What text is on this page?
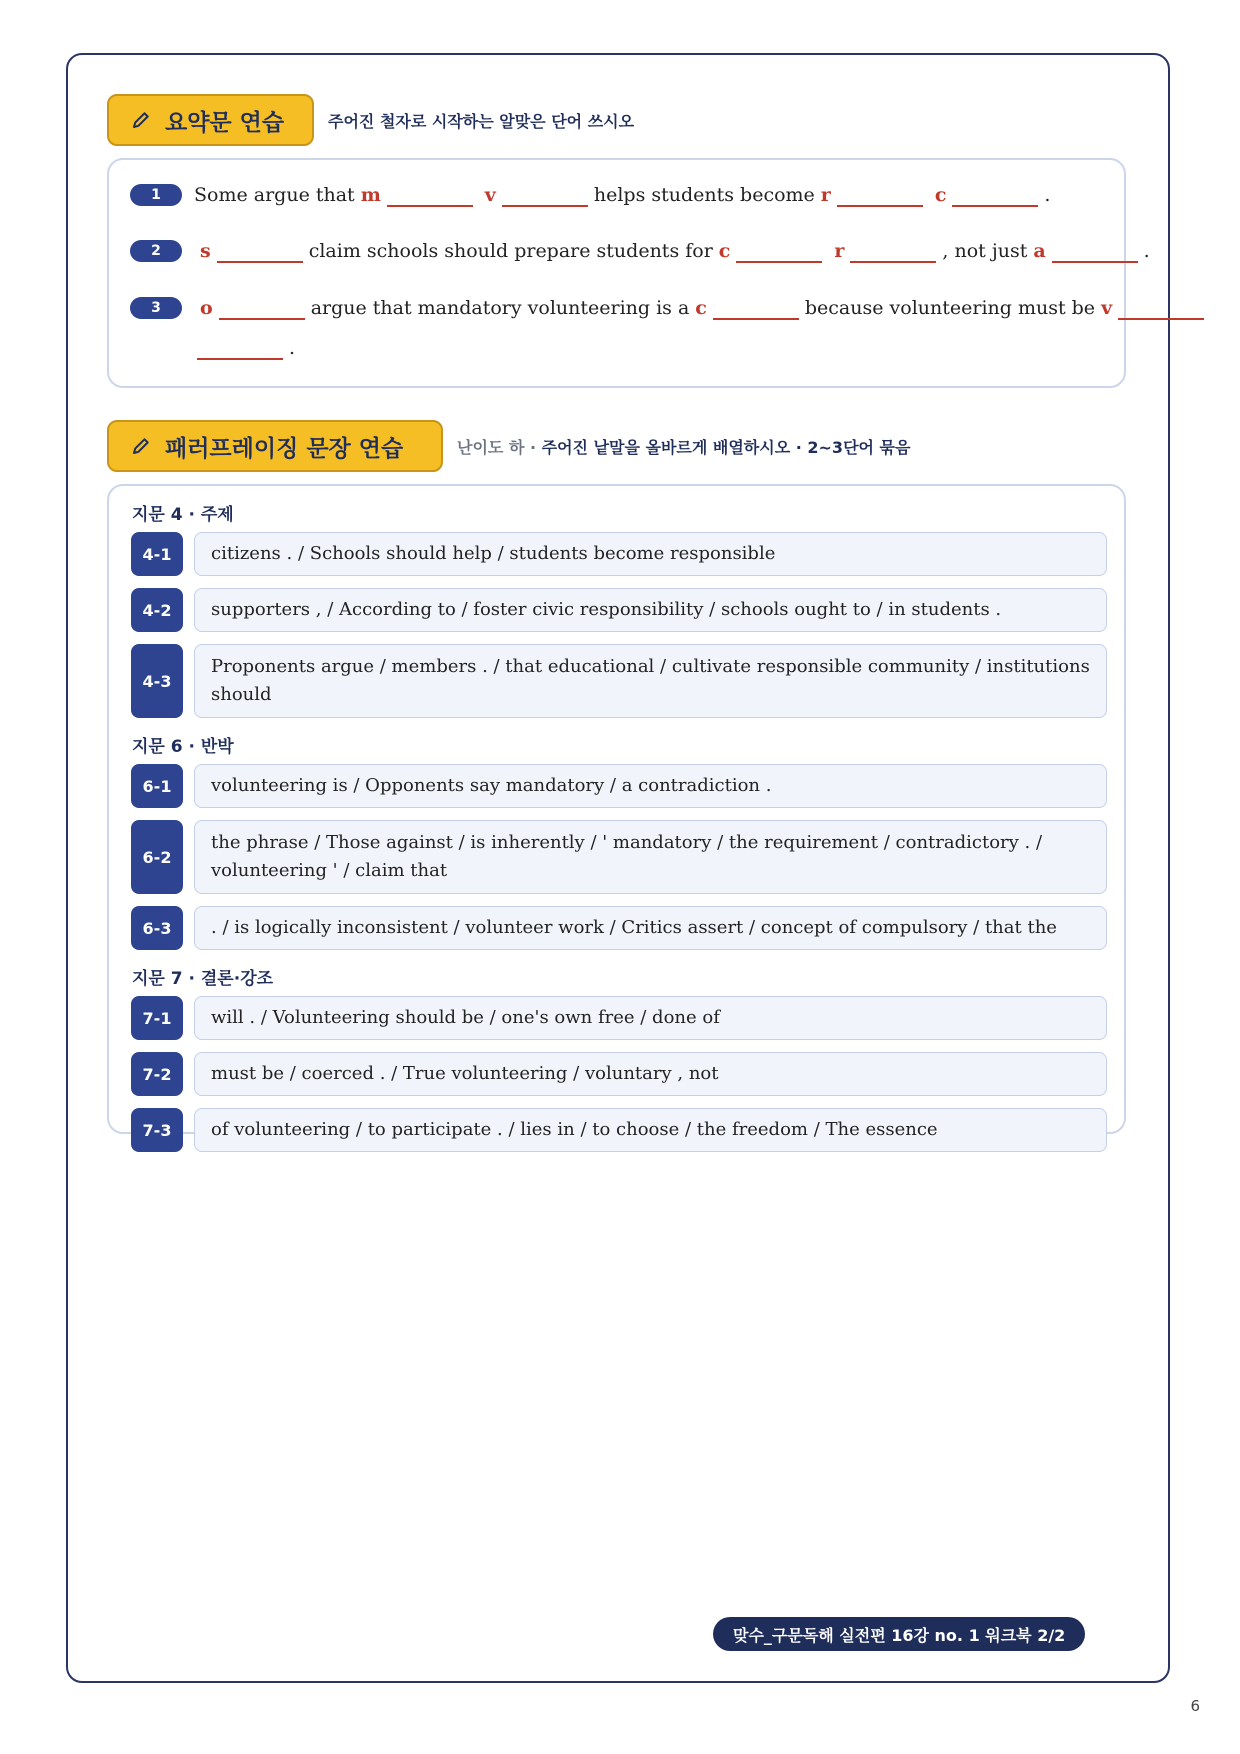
요약문 연습	주어진 철자로 시작하는 알맞은 단어 쓰시오
1	Some argue that m	v	helps students become r	c	.
2	s	claim schools should prepare students for c	r	, not just a	.
3	o	argue that mandatory volunteering is a c	because volunteering must be v
.
패러프레이징 문장 연습	난이도 하 · 주어진 낱말을 올바르게 배열하시오 · 2~3단어 묶음
지문 4 · 주제
4-1	citizens . / Schools should help / students become responsible
4-2	supporters , / According to / foster civic responsibility / schools ought to / in students .
4-3
Proponents argue / members . / that educational / cultivate responsible community / institutions should
지문 6 · 반박
6-1	volunteering is / Opponents say mandatory / a contradiction .
6-2
the phrase / Those against / is inherently / ' mandatory / the requirement / contradictory . / volunteering ' / claim that
6-3	. / is logically inconsistent / volunteer work / Critics assert / concept of compulsory / that the
지문 7 · 결론·강조
7-1	will . / Volunteering should be / one's own free / done of
7-2	must be / coerced . / True volunteering / voluntary , not
7-3	of volunteering / to participate . / lies in / to choose / the freedom / The essence
맞수_구문독해 실전편 16강 no. 1 워크북 2/2
6
